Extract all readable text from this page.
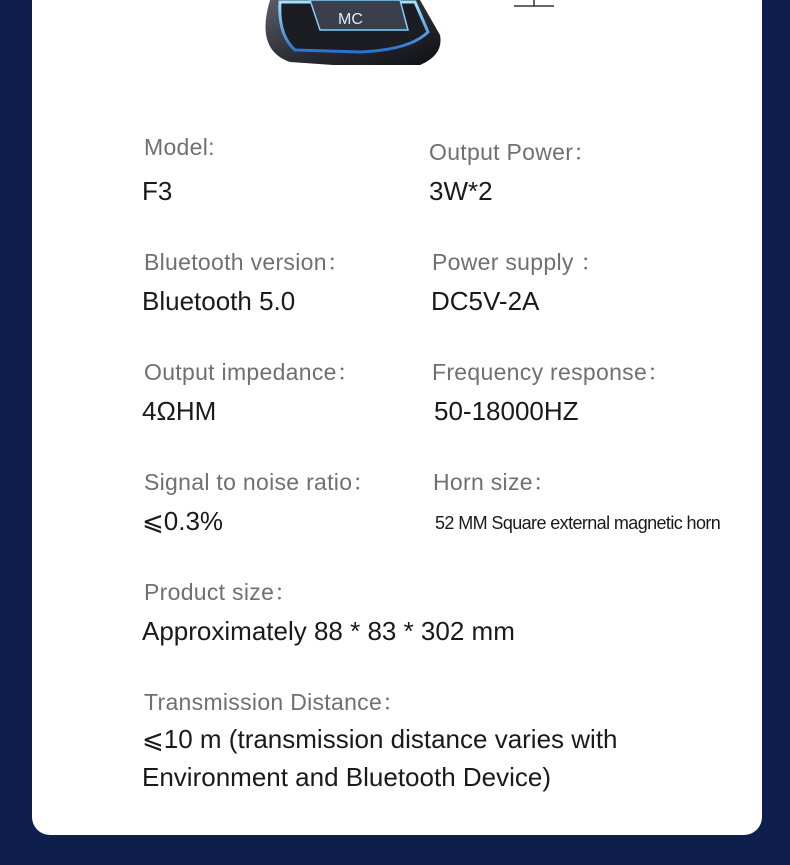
MC
Model:
F3
Output Power：
3W*2
Bluetooth version：
Bluetooth 5.0
Power supply ：
DC5V-2A
Output impedance：
4ΩHM
Frequency response：
50-18000HZ
Signal to noise ratio：
⩽0.3%
Horn size：
52 MM Square external magnetic horn
Product size：
Approximately 88 * 83 * 302 mm
Transmission Distance：
⩽10 m (transmission distance varies with Environment and Bluetooth Device)
